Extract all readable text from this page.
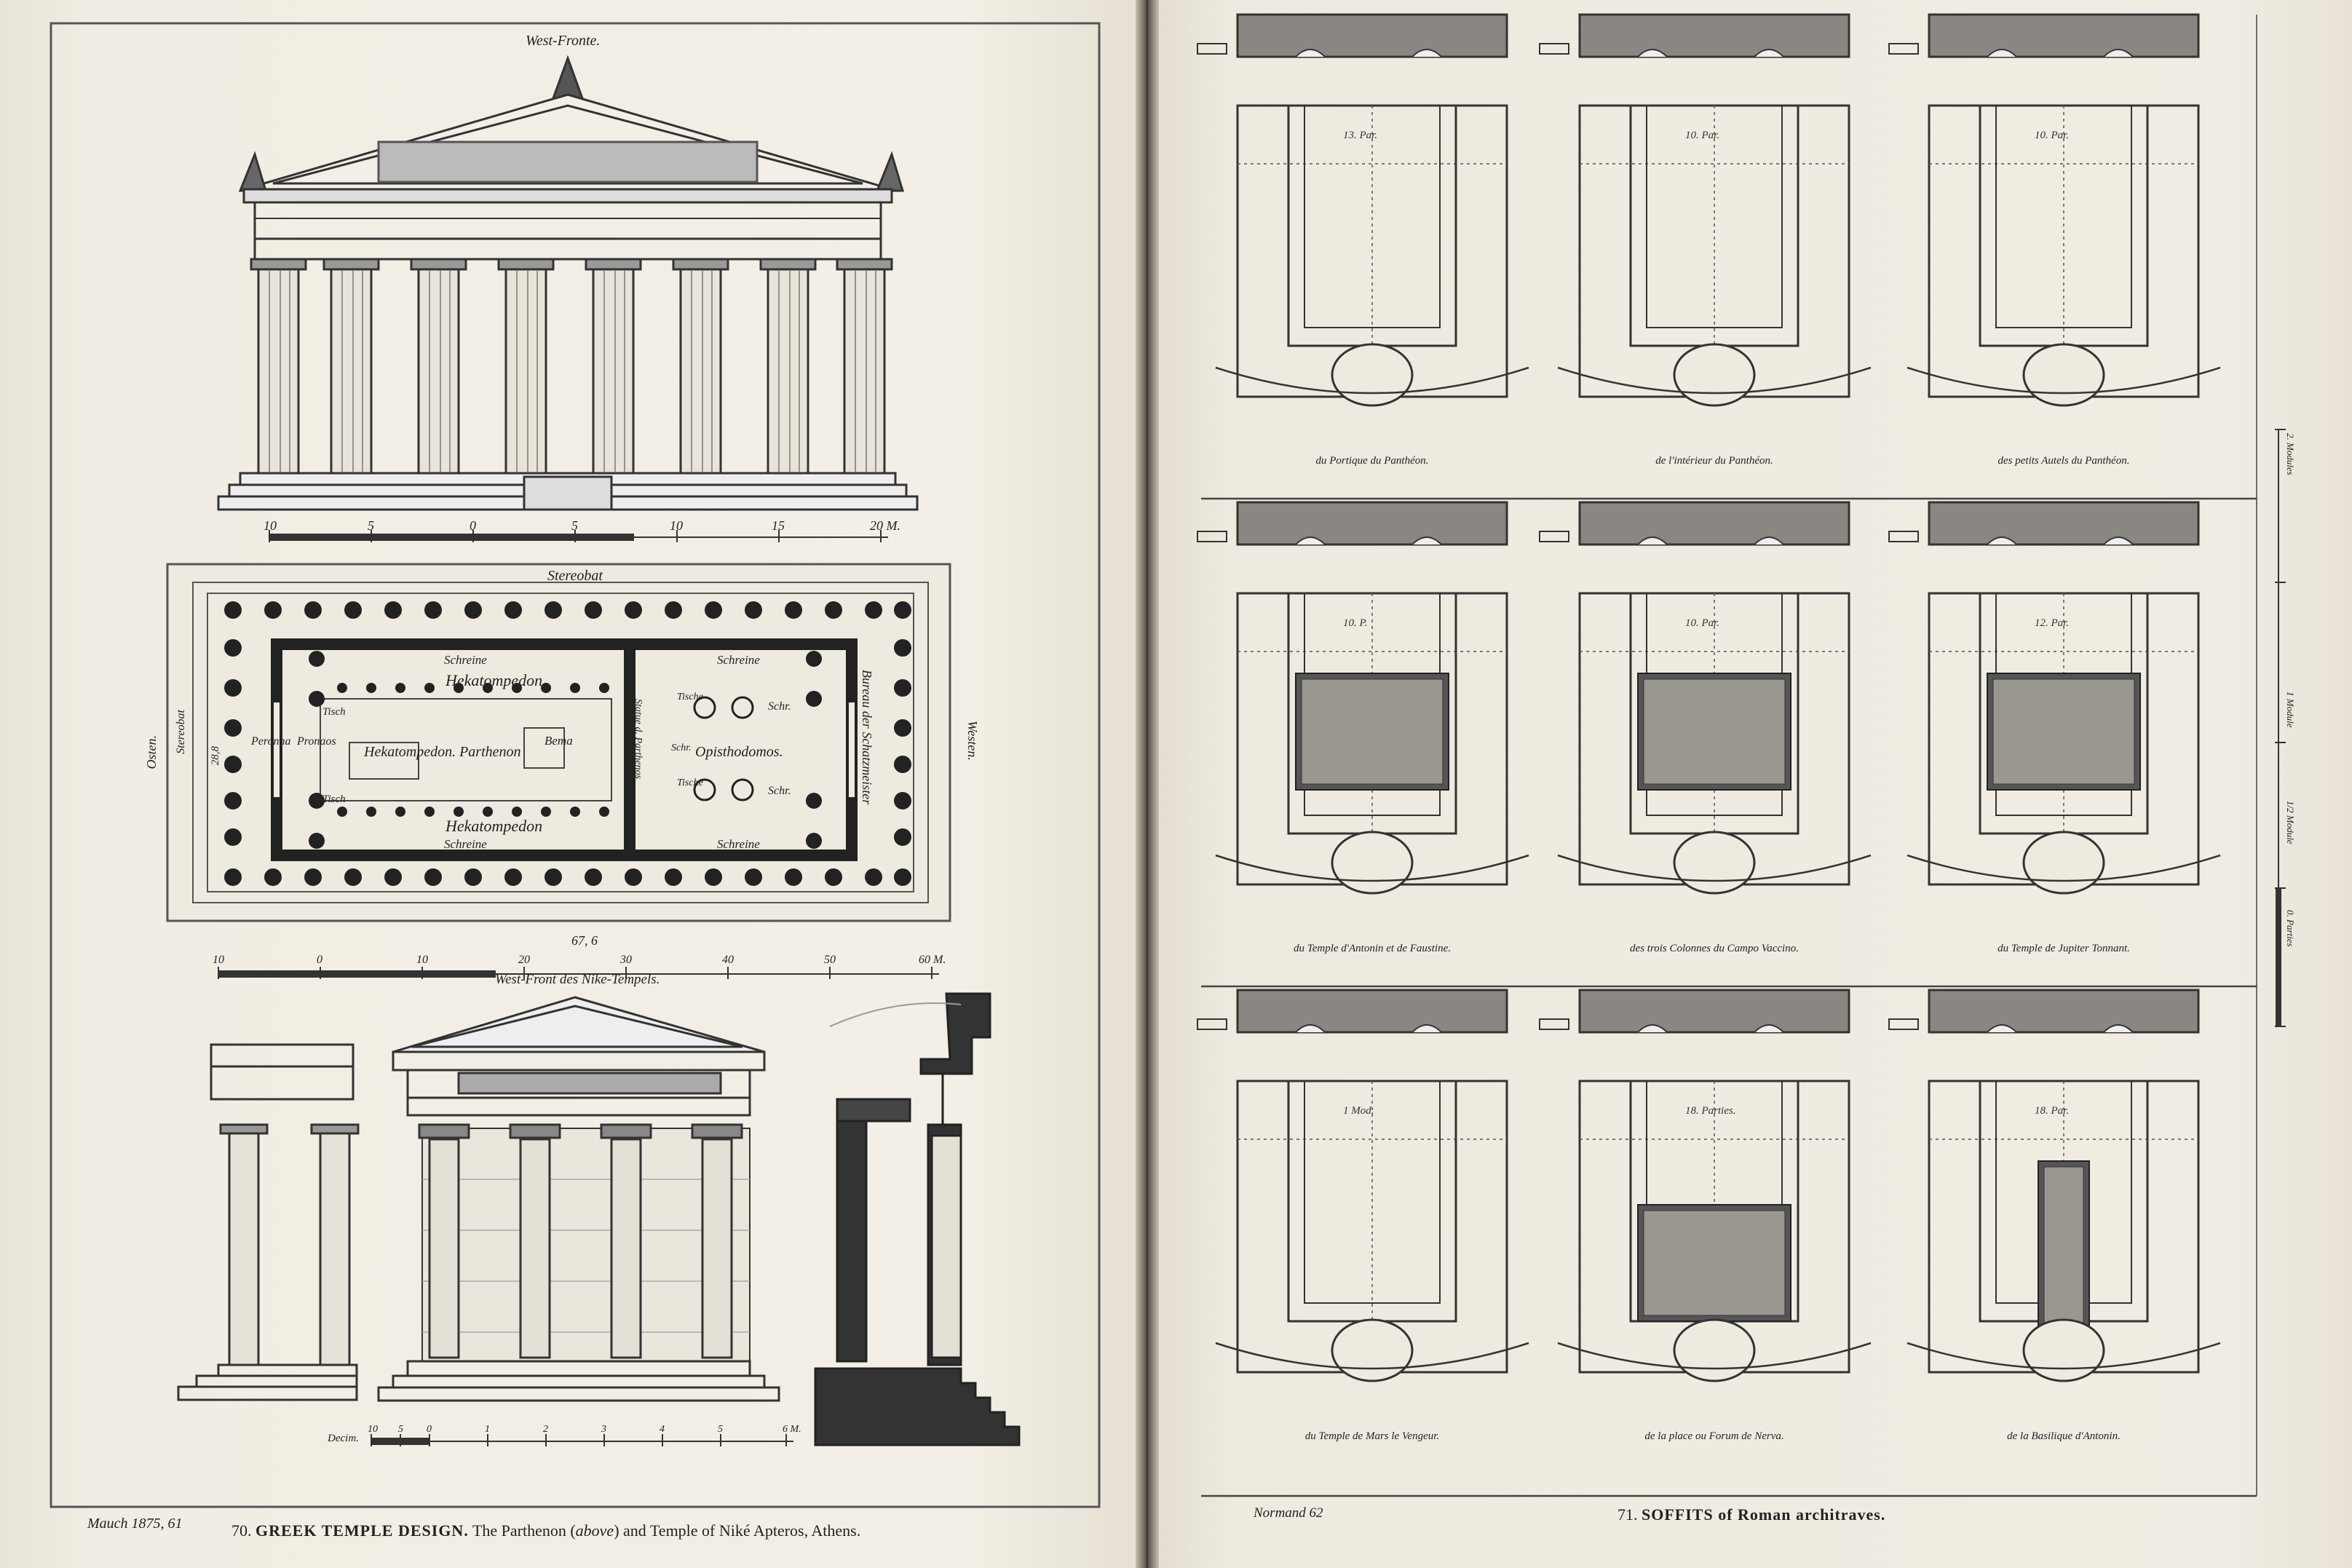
13. Par.	10. Par.	10. Par.
10. P.	10. Par.	12. Par.
1 Mod.	18. Parties.	18. Par.
West-Fronte.
10	5	0	5	10	15	20 M.
Stereobat
Schreine	Schreine
Hekatompedon
Tisch
Pronaos
Peronna
Hekatompedon. Parthenon
Bema
Tisch
Statue d. Parthenos
Tische
Schr.
Schr. Opisthodomos.
Tische
Schr.
Hekatompedon
Schreine	Schreine
Bureau der Schatzmeister
Osten. Stereobat
28,8	Westen.
67, 6
10	0	10	20	30	40	50	60 M.
West-Front des Nike-Tempels.
Decim.
10 5 0	1	2	3	4	5	6 M.
Mauch 1875, 61	70. GREEK TEMPLE DESIGN. The Parthenon (above) and Temple of Niké Apteros, Athens.
du Portique du Panthéon.	de l'intérieur du Panthéon.	des petits Autels du Panthéon.
du Temple d'Antonin et de Faustine.	des trois Colonnes du Campo Vaccino.	du Temple de Jupiter Tonnant.
du Temple de Mars le Vengeur.	de la place ou Forum de Nerva.	de la Basilique d'Antonin.
2. Modules
1 Module
1/2 Module
0. Parties
Normand 62	71. SOFFITS of Roman architraves.
